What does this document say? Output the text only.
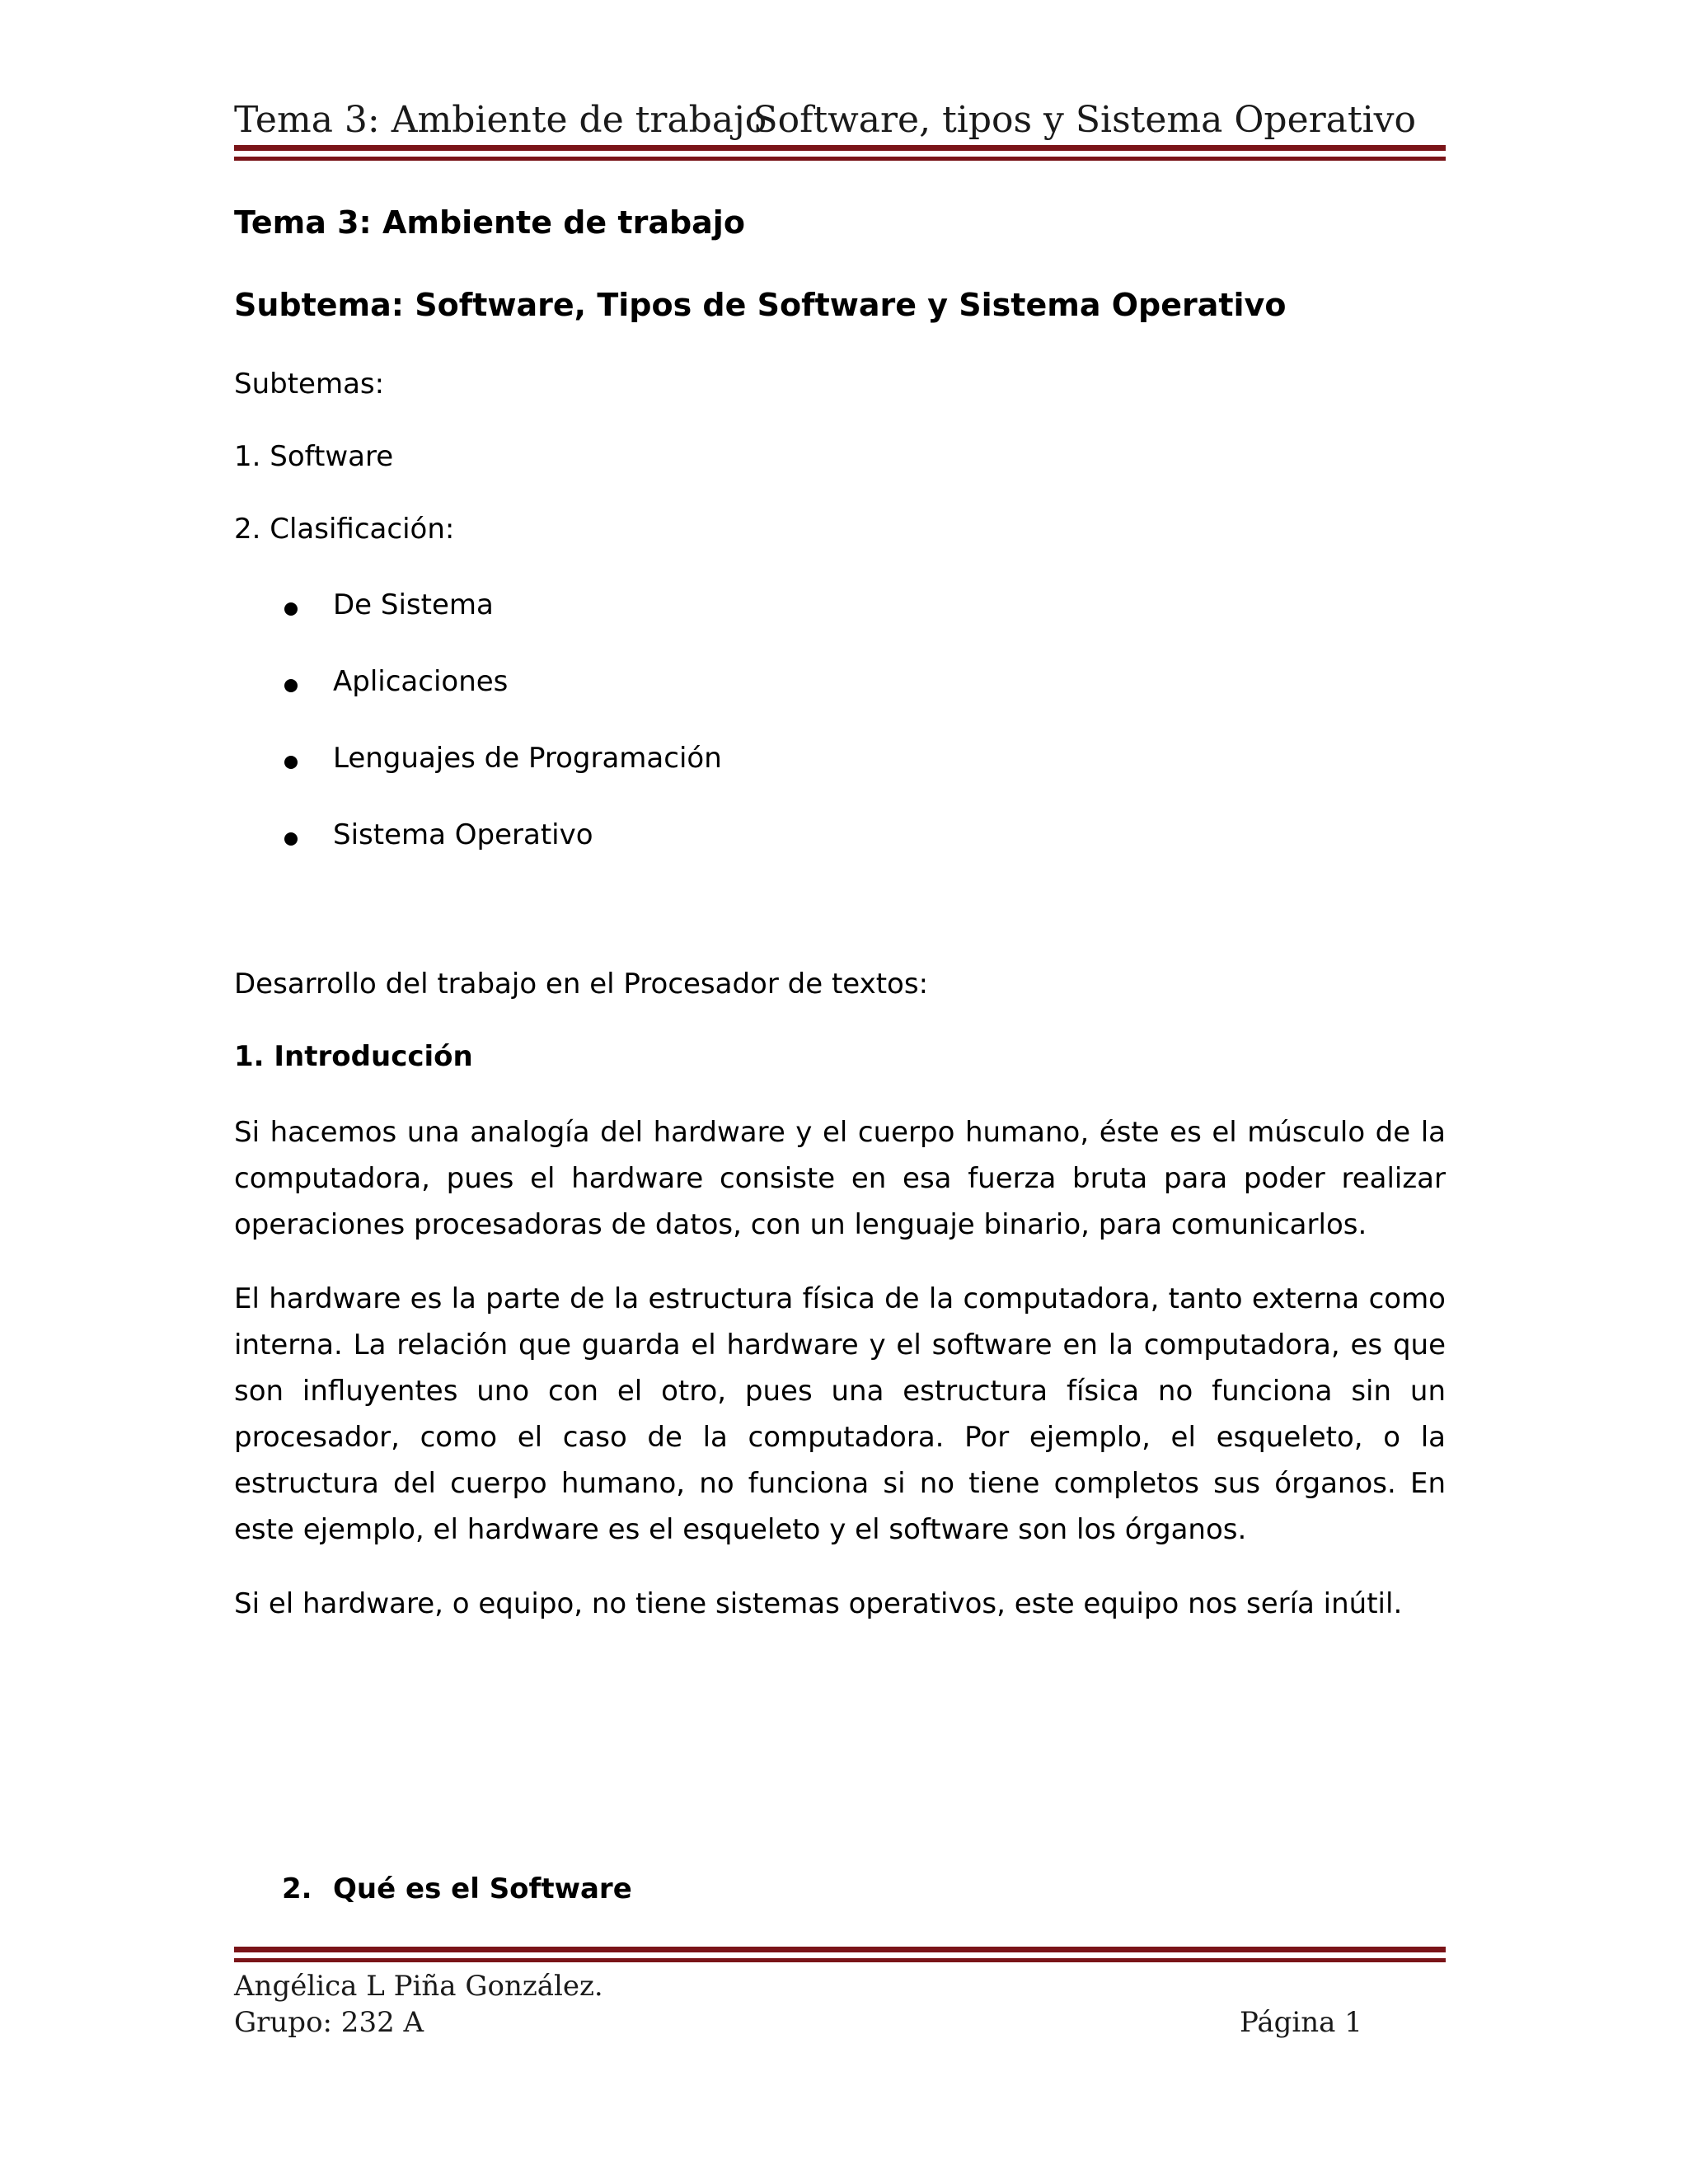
Tema 3: Ambiente de trabajo
Software, tipos y Sistema Operativo
Tema 3: Ambiente de trabajo
Subtema: Software, Tipos de Software y Sistema Operativo
Subtemas:
1. Software
2. Clasificación:
De Sistema
Aplicaciones
Lenguajes de Programación
Sistema Operativo
Desarrollo del trabajo en el Procesador de textos:
1. Introducción
Si hacemos una analogía del hardware y el cuerpo humano, éste es el músculo de la computadora, pues el hardware consiste en esa fuerza bruta para poder realizar operaciones procesadoras de datos, con un lenguaje binario, para comunicarlos.
El hardware es la parte de la estructura física de la computadora, tanto externa como interna. La relación que guarda el hardware y el software en la computadora, es que son influyentes uno con el otro, pues una estructura física no funciona sin un procesador, como el caso de la computadora. Por ejemplo, el esqueleto, o la estructura del cuerpo humano, no funciona si no tiene completos sus órganos. En este ejemplo, el hardware es el esqueleto y el software son los órganos.
Si el hardware, o equipo, no tiene sistemas operativos, este equipo nos sería inútil.
2. Qué es el Software
Angélica L Piña González.
Grupo: 232 A	Página 1
